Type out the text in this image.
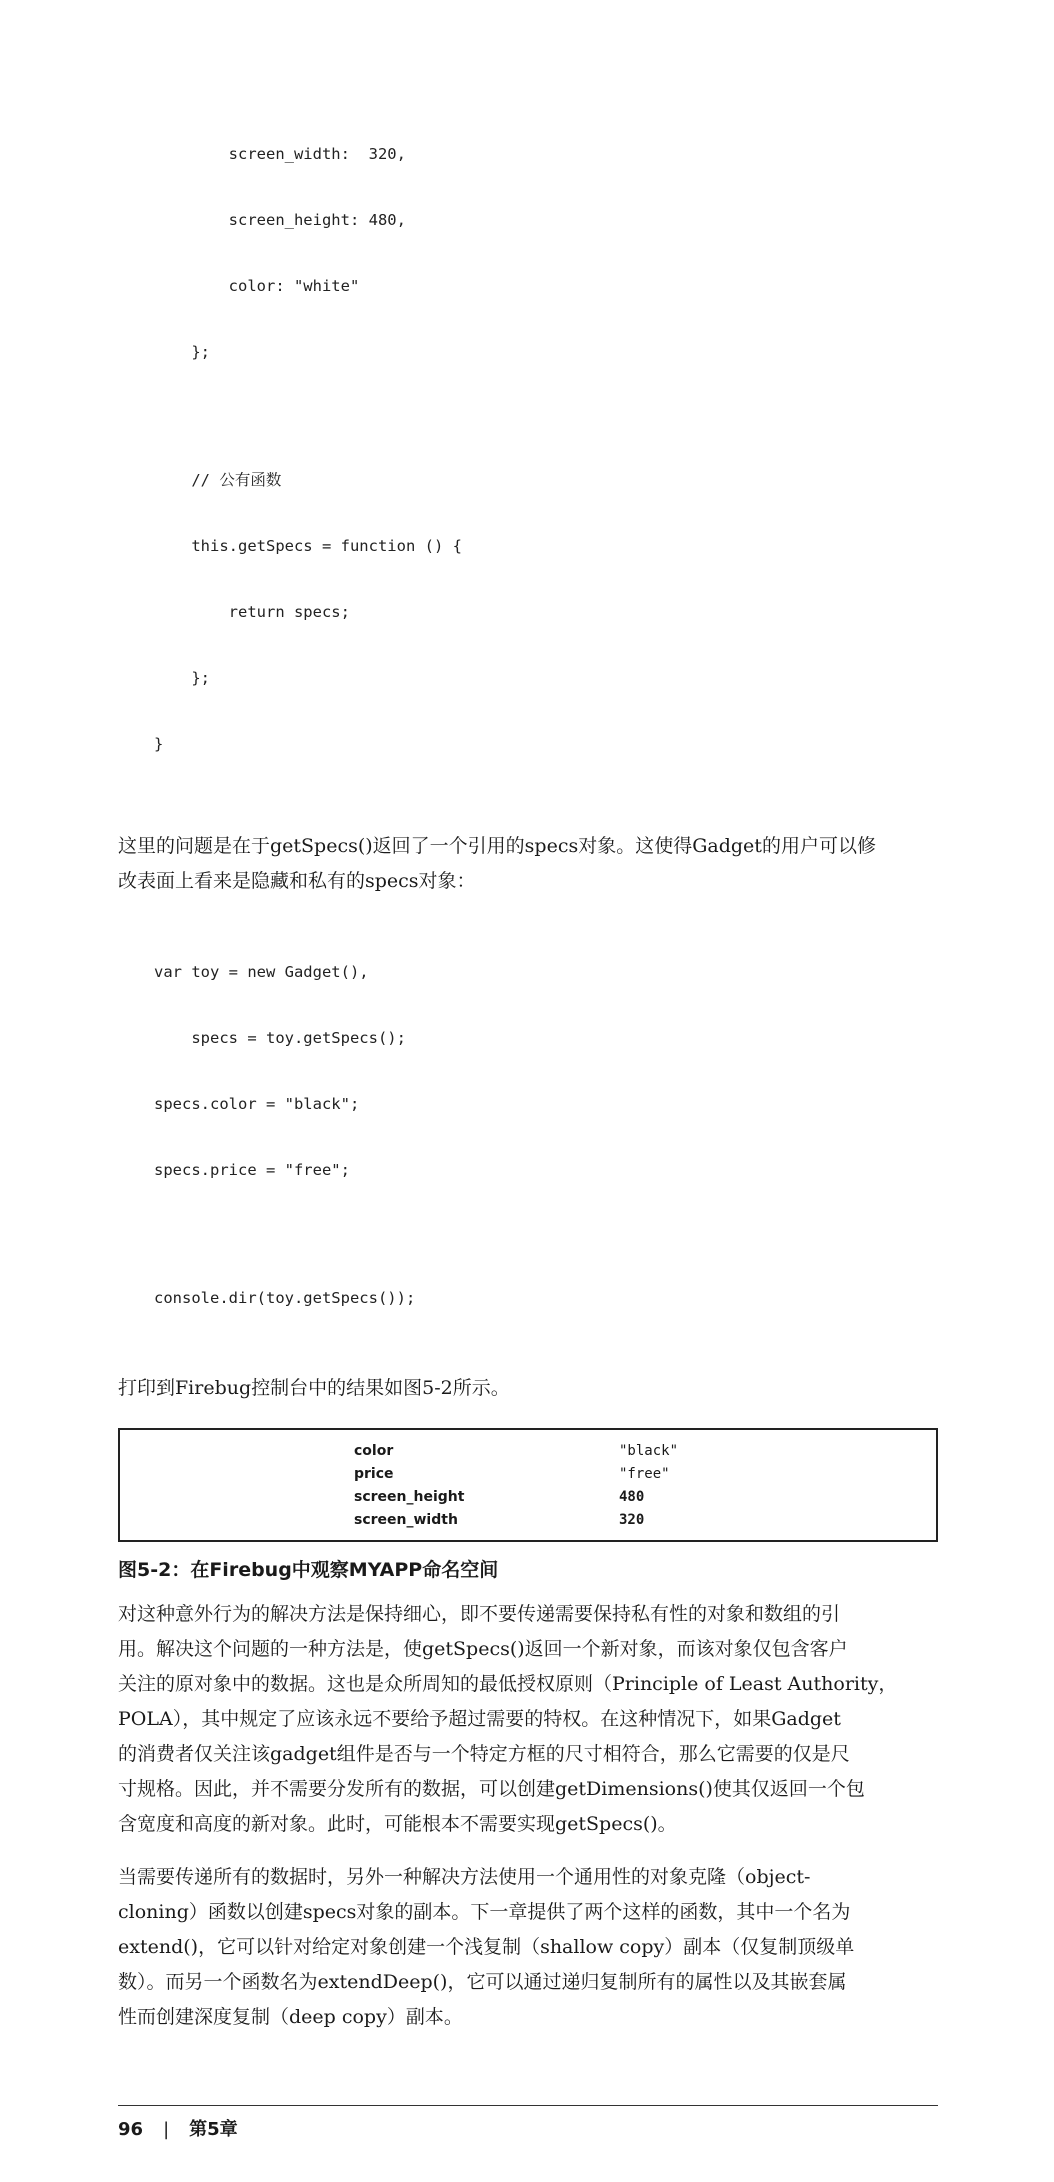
screen_width:  320,

screen_height: 480,

color: "white"

};

// 公有函数

this.getSpecs = function () {

return specs;

};

}

这里的问题是在于getSpecs()返回了一个引用的specs对象。这使得Gadget的用户可以修
改表面上看来是隐藏和私有的specs对象：

var toy = new Gadget(),

specs = toy.getSpecs();

specs.color = "black";

specs.price = "free";

console.dir(toy.getSpecs());

打印到Firebug控制台中的结果如图5-2所示。
color	"black"
price	"free"
screen_height	480
screen_width	320
图5-2：在Firebug中观察MYAPP命名空间
对这种意外行为的解决方法是保持细心，即不要传递需要保持私有性的对象和数组的引
用。解决这个问题的一种方法是，使getSpecs()返回一个新对象，而该对象仅包含客户
关注的原对象中的数据。这也是众所周知的最低授权原则（Principle of Least Authority，
POLA），其中规定了应该永远不要给予超过需要的特权。在这种情况下，如果Gadget
的消费者仅关注该gadget组件是否与一个特定方框的尺寸相符合，那么它需要的仅是尺
寸规格。因此，并不需要分发所有的数据，可以创建getDimensions()使其仅返回一个包
含宽度和高度的新对象。此时，可能根本不需要实现getSpecs()。
当需要传递所有的数据时，另外一种解决方法使用一个通用性的对象克隆（object-
cloning）函数以创建specs对象的副本。下一章提供了两个这样的函数，其中一个名为
extend()，它可以针对给定对象创建一个浅复制（shallow copy）副本（仅复制顶级单
数）。而另一个函数名为extendDeep()，它可以通过递归复制所有的属性以及其嵌套属
性而创建深度复制（deep copy）副本。
96 | 第5章
